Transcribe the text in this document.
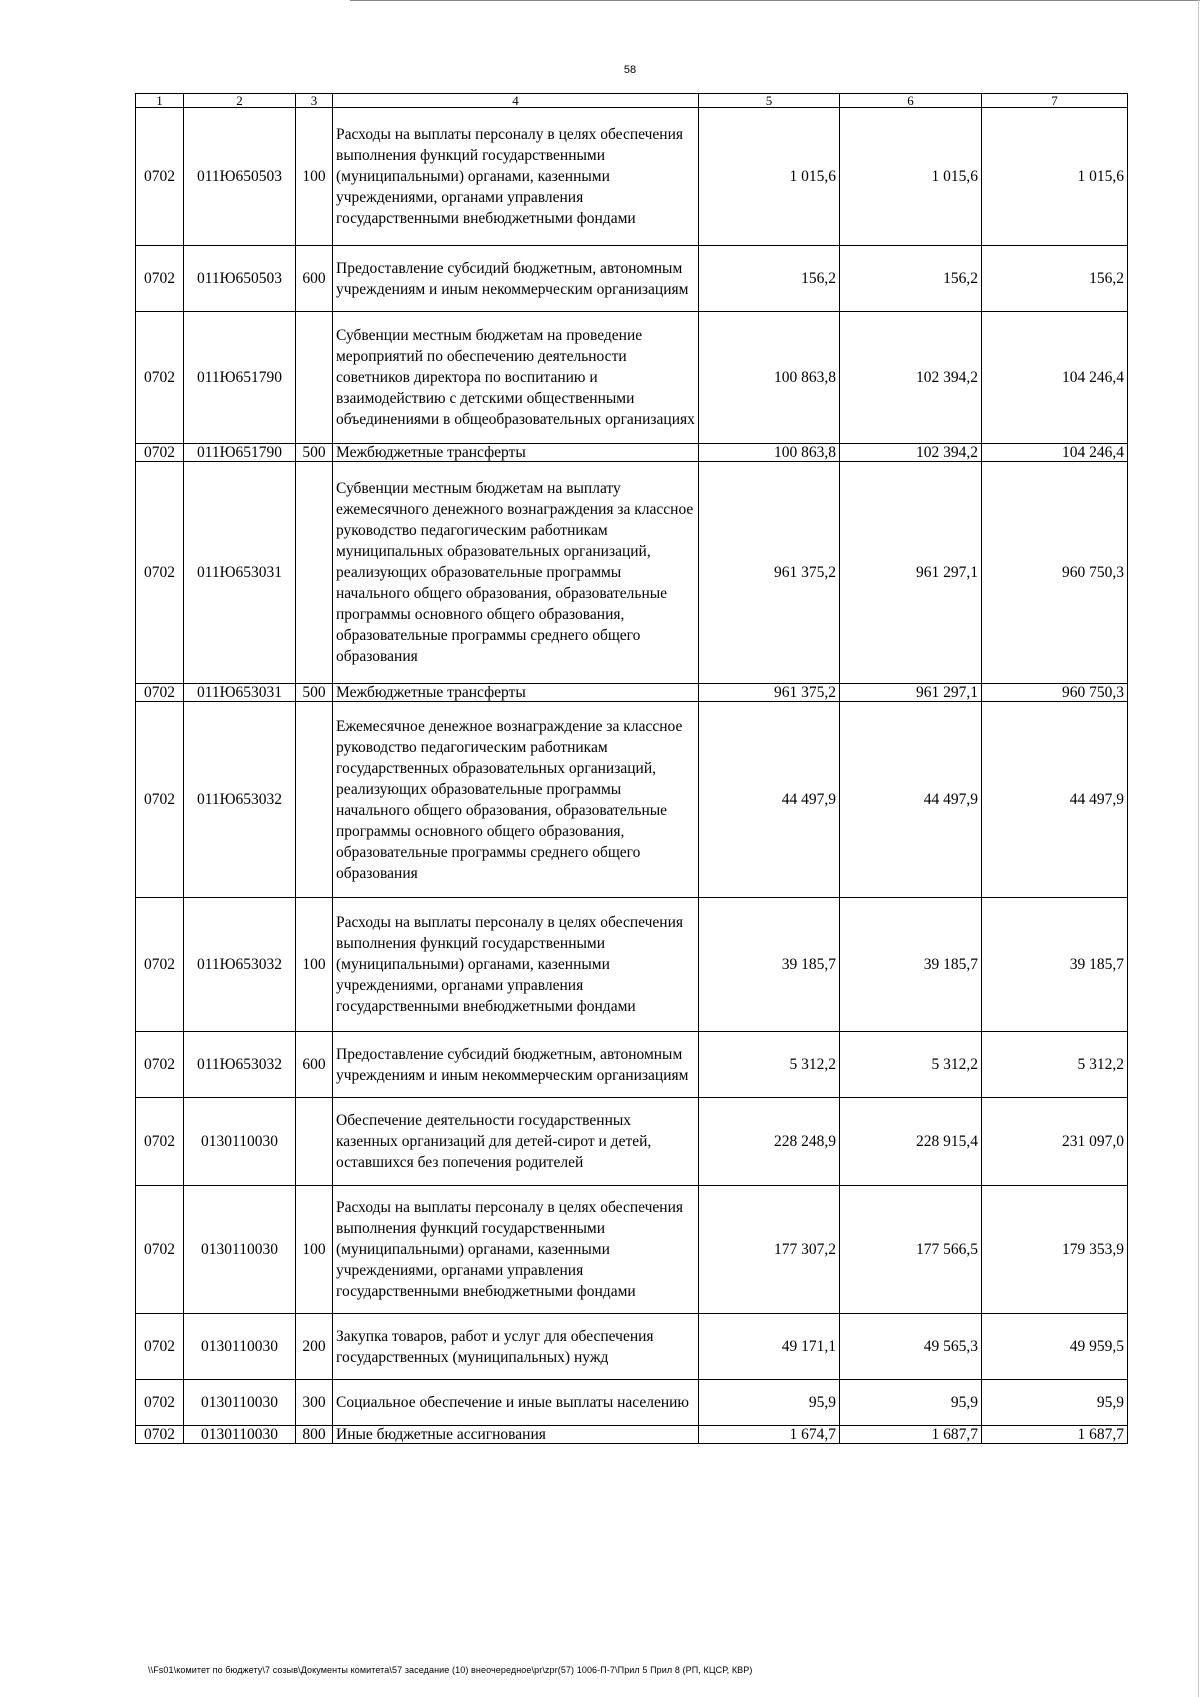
58
1	2	3	4	5	6	7
0702	011Ю650503	100	Расходы на выплаты персоналу в целях обеспечения выполнения функций государственными (муниципальными) органами, казенными учреждениями, органами управления государственными внебюджетными фондами	1 015,6	1 015,6	1 015,6
0702	011Ю650503	600	Предоставление субсидий бюджетным, автономным учреждениям и иным некоммерческим организациям	156,2	156,2	156,2
0702	011Ю651790		Субвенции местным бюджетам на проведение мероприятий по обеспечению деятельности советников директора по воспитанию и взаимодействию с детскими общественными объединениями в общеобразовательных организациях	100 863,8	102 394,2	104 246,4
0702	011Ю651790	500	Межбюджетные трансферты	100 863,8	102 394,2	104 246,4
0702	011Ю653031		Субвенции местным бюджетам на выплату ежемесячного денежного вознаграждения за классное руководство педагогическим работникам муниципальных образовательных организаций, реализующих образовательные программы начального общего образования, образовательные программы основного общего образования, образовательные программы среднего общего образования	961 375,2	961 297,1	960 750,3
0702	011Ю653031	500	Межбюджетные трансферты	961 375,2	961 297,1	960 750,3
0702	011Ю653032		Ежемесячное денежное вознаграждение за классное руководство педагогическим работникам государственных образовательных организаций, реализующих образовательные программы начального общего образования, образовательные программы основного общего образования, образовательные программы среднего общего образования	44 497,9	44 497,9	44 497,9
0702	011Ю653032	100	Расходы на выплаты персоналу в целях обеспечения выполнения функций государственными (муниципальными) органами, казенными учреждениями, органами управления государственными внебюджетными фондами	39 185,7	39 185,7	39 185,7
0702	011Ю653032	600	Предоставление субсидий бюджетным, автономным учреждениям и иным некоммерческим организациям	5 312,2	5 312,2	5 312,2
0702	0130110030		Обеспечение деятельности государственных казенных организаций для детей-сирот и детей, оставшихся без попечения родителей	228 248,9	228 915,4	231 097,0
0702	0130110030	100	Расходы на выплаты персоналу в целях обеспечения выполнения функций государственными (муниципальными) органами, казенными учреждениями, органами управления государственными внебюджетными фондами	177 307,2	177 566,5	179 353,9
0702	0130110030	200	Закупка товаров, работ и услуг для обеспечения государственных (муниципальных) нужд	49 171,1	49 565,3	49 959,5
0702	0130110030	300	Социальное обеспечение и иные выплаты населению	95,9	95,9	95,9
0702	0130110030	800	Иные бюджетные ассигнования	1 674,7	1 687,7	1 687,7
\\Fs01\комитет по бюджету\7 созыв\Документы комитета\57 заседание (10) внеочередное\pr\zpr(57) 1006-П-7\Прил 5 Прил 8 (РП, КЦСР, КВР)
